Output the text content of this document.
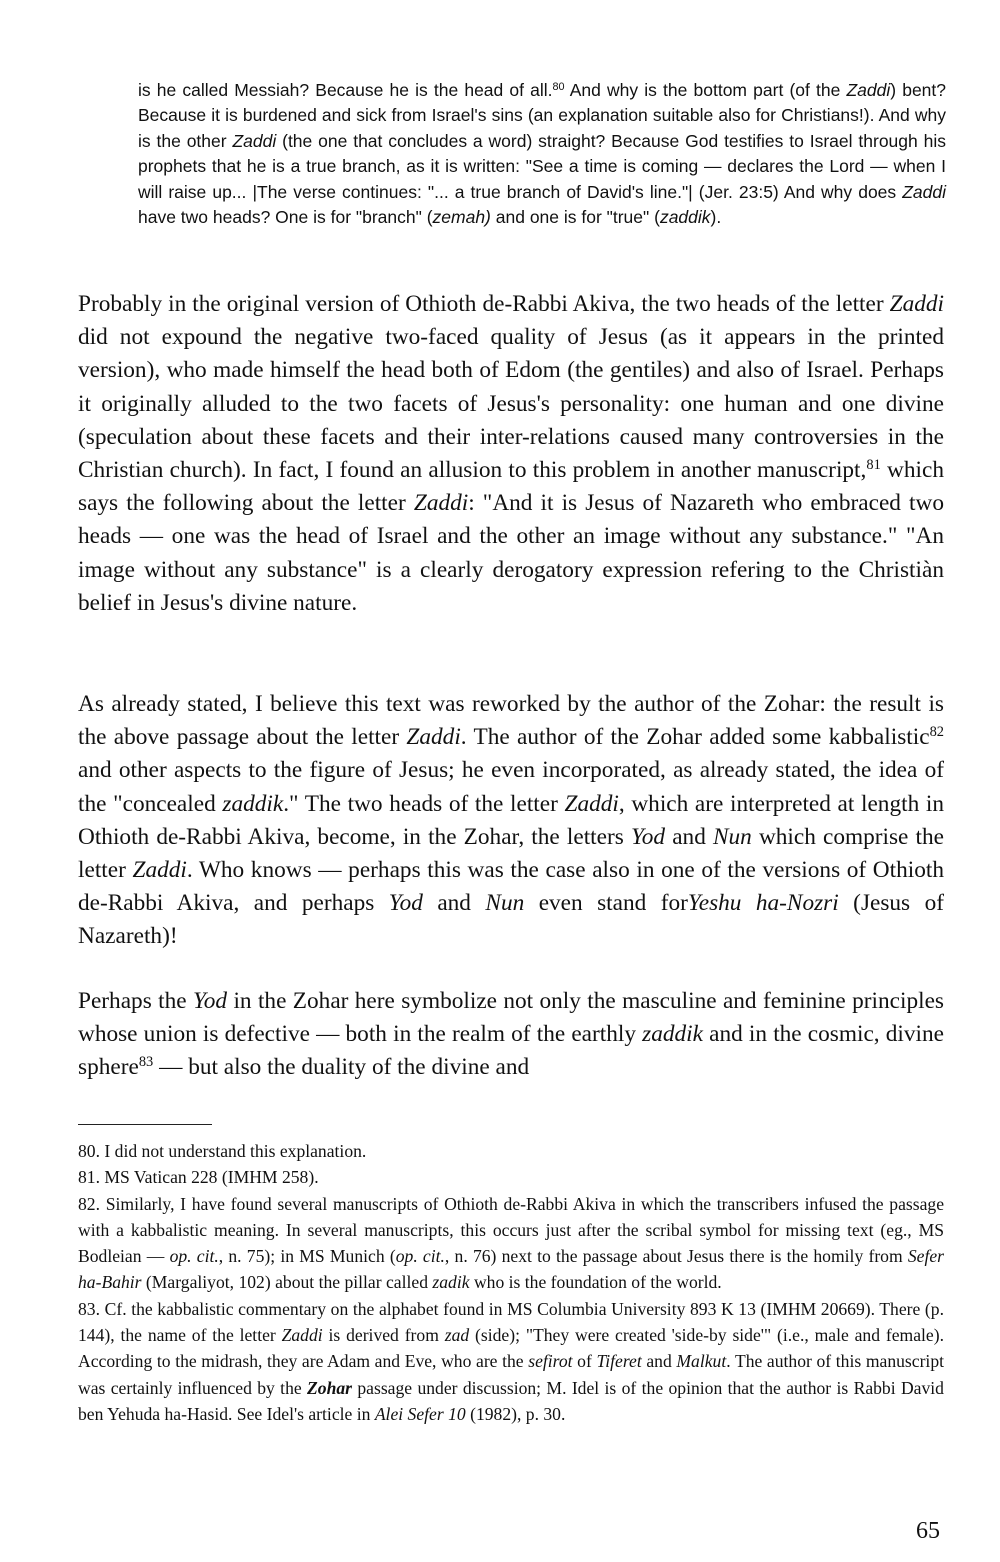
is he called Messiah? Because he is the head of all.$^{80}$ And why is the bottom part (of the Zaddi) bent? Because it is burdened and sick from Israel's sins (an explanation suitable also for Christians!). And why is the other Zaddi (the one that concludes a word) straight? Because God testifies to Israel through his prophets that he is a true branch, as it is written: "See a time is coming — declares the Lord — when I will raise up... |The verse continues: "... a true branch of David's line."| (Jer. 23:5) And why does Zaddi have two heads? One is for "branch" (zemah) and one is for "true" (zaddik).

Probably in the original version of Othioth de-Rabbi Akiva, the two heads of the letter Zaddi did not expound the negative two-faced quality of Jesus (as it appears in the printed version), who made himself the head both of Edom (the gentiles) and also of Israel. Perhaps it originally alluded to the two facets of Jesus's personality: one human and one divine (speculation about these facets and their inter-relations caused many controversies in the Christian church). In fact, I found an allusion to this problem in another manuscript,$^{81}$ which says the following about the letter Zaddi: "And it is Jesus of Nazareth who embraced two heads — one was the head of Israel and the other an image without any substance." "An image without any substance" is a clearly derogatory expression refering to the Christiàn belief in Jesus's divine nature.

As already stated, I believe this text was reworked by the author of the Zohar: the result is the above passage about the letter Zaddi. The author of the Zohar added some kabbalistic$^{82}$ and other aspects to the figure of Jesus; he even incorporated, as already stated, the idea of the "concealed zaddik." The two heads of the letter Zaddi, which are interpreted at length in Othioth de-Rabbi Akiva, become, in the Zohar, the letters Yod and Nun which comprise the letter Zaddi. Who knows — perhaps this was the case also in one of the versions of Othioth de-Rabbi Akiva, and perhaps Yod and Nun even stand forYeshu ha-Nozri (Jesus of Nazareth)!

Perhaps the Yod in the Zohar here symbolize not only the masculine and feminine principles whose union is defective — both in the realm of the earthly zaddik and in the cosmic, divine sphere$^{83}$ — but also the duality of the divine and

80. I did not understand this explanation.

81. MS Vatican 228 (IMHM 258).

82. Similarly, I have found several manuscripts of Othioth de-Rabbi Akiva in which the transcribers infused the passage with a kabbalistic meaning. In several manuscripts, this occurs just after the scribal symbol for missing text (eg., MS Bodleian — op. cit., n. 75); in MS Munich (op. cit., n. 76) next to the passage about Jesus there is the homily from Sefer ha-Bahir (Margaliyot, 102) about the pillar called zadik who is the foundation of the world.

83. Cf. the kabbalistic commentary on the alphabet found in MS Columbia University 893 K 13 (IMHM 20669). There (p. 144), the name of the letter Zaddi is derived from zad (side); "They were created 'side-by side'" (i.e., male and female). According to the midrash, they are Adam and Eve, who are the sefirot of Tiferet and Malkut. The author of this manuscript was certainly influenced by the Zohar passage under discussion; M. Idel is of the opinion that the author is Rabbi David ben Yehuda ha-Hasid. See Idel's article in Alei Sefer 10 (1982), p. 30.

65
